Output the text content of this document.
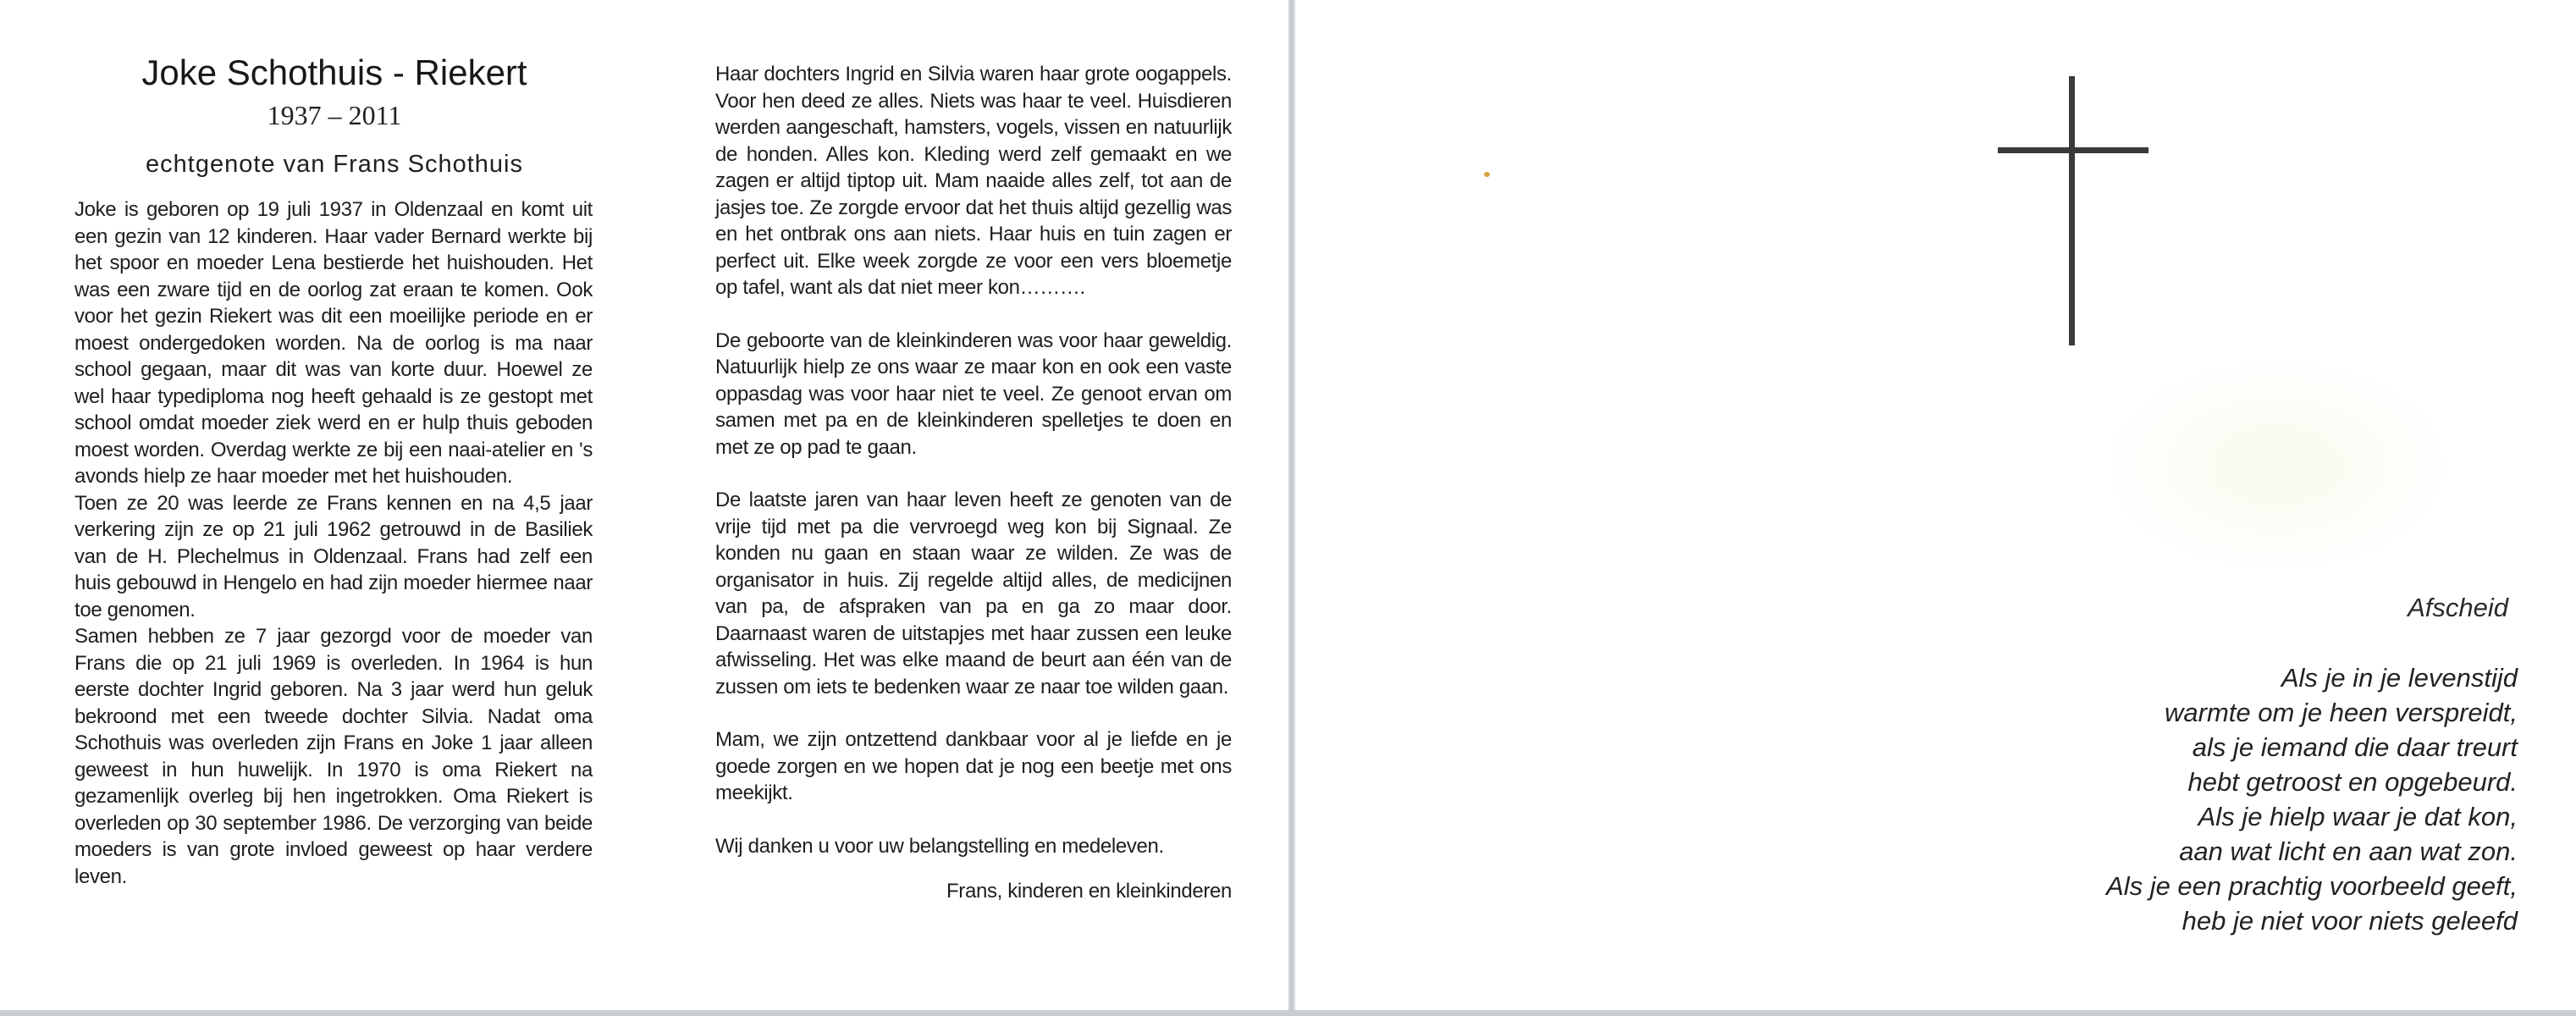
Joke Schothuis - Riekert
1937 – 2011
echtgenote van Frans Schothuis

Joke is geboren op 19 juli 1937 in Oldenzaal en komt uit een gezin van 12 kinderen. Haar vader Bernard werkte bij het spoor en moeder Lena bestierde het huishouden. Het was een zware tijd en de oorlog zat eraan te komen. Ook voor het gezin Riekert was dit een moeilijke periode en er moest ondergedoken worden. Na de oorlog is ma naar school gegaan, maar dit was van korte duur. Hoewel ze wel haar typediploma nog heeft gehaald is ze gestopt met school omdat moeder ziek werd en er hulp thuis geboden moest worden. Overdag werkte ze bij een naai-atelier en 's avonds hielp ze haar moeder met het huishouden.

Toen ze 20 was leerde ze Frans kennen en na 4,5 jaar verkering zijn ze op 21 juli 1962 getrouwd in de Basiliek van de H. Plechelmus in Oldenzaal. Frans had zelf een huis gebouwd in Hengelo en had zijn moeder hiermee naar toe genomen.

Samen hebben ze 7 jaar gezorgd voor de moeder van Frans die op 21 juli 1969 is overleden. In 1964 is hun eerste dochter Ingrid geboren. Na 3 jaar werd hun geluk bekroond met een tweede dochter Silvia. Nadat oma Schothuis was overleden zijn Frans en Joke 1 jaar alleen geweest in hun huwelijk. In 1970 is oma Riekert na gezamenlijk overleg bij hen ingetrokken. Oma Riekert is overleden op 30 september 1986. De verzorging van beide moeders is van grote invloed geweest op haar verdere leven.

Haar dochters Ingrid en Silvia waren haar grote oogappels. Voor hen deed ze alles. Niets was haar te veel. Huisdieren werden aangeschaft, hamsters, vogels, vissen en natuurlijk de honden. Alles kon. Kleding werd zelf gemaakt en we zagen er altijd tiptop uit. Mam naaide alles zelf, tot aan de jasjes toe. Ze zorgde ervoor dat het thuis altijd gezellig was en het ontbrak ons aan niets. Haar huis en tuin zagen er perfect uit. Elke week zorgde ze voor een vers bloemetje op tafel, want als dat niet meer kon……….

De geboorte van de kleinkinderen was voor haar geweldig. Natuurlijk hielp ze ons waar ze maar kon en ook een vaste oppasdag was voor haar niet te veel. Ze genoot ervan om samen met pa en de kleinkinderen spelletjes te doen en met ze op pad te gaan.

De laatste jaren van haar leven heeft ze genoten van de vrije tijd met pa die vervroegd weg kon bij Signaal. Ze konden nu gaan en staan waar ze wilden. Ze was de organisator in huis. Zij regelde altijd alles, de medicijnen van pa, de afspraken van pa en ga zo maar door. Daarnaast waren de uitstapjes met haar zussen een leuke afwisseling. Het was elke maand de beurt aan één van de zussen om iets te bedenken waar ze naar toe wilden gaan.

Mam, we zijn ontzettend dankbaar voor al je liefde en je goede zorgen en we hopen dat je nog een beetje met ons meekijkt.

Wij danken u voor uw belangstelling en medeleven.

Frans, kinderen en kleinkinderen

Afscheid
Als je in je levenstijd
warmte om je heen verspreidt,
als je iemand die daar treurt
hebt getroost en opgebeurd.
Als je hielp waar je dat kon,
aan wat licht en aan wat zon.
Als je een prachtig voorbeeld geeft,
heb je niet voor niets geleefd
